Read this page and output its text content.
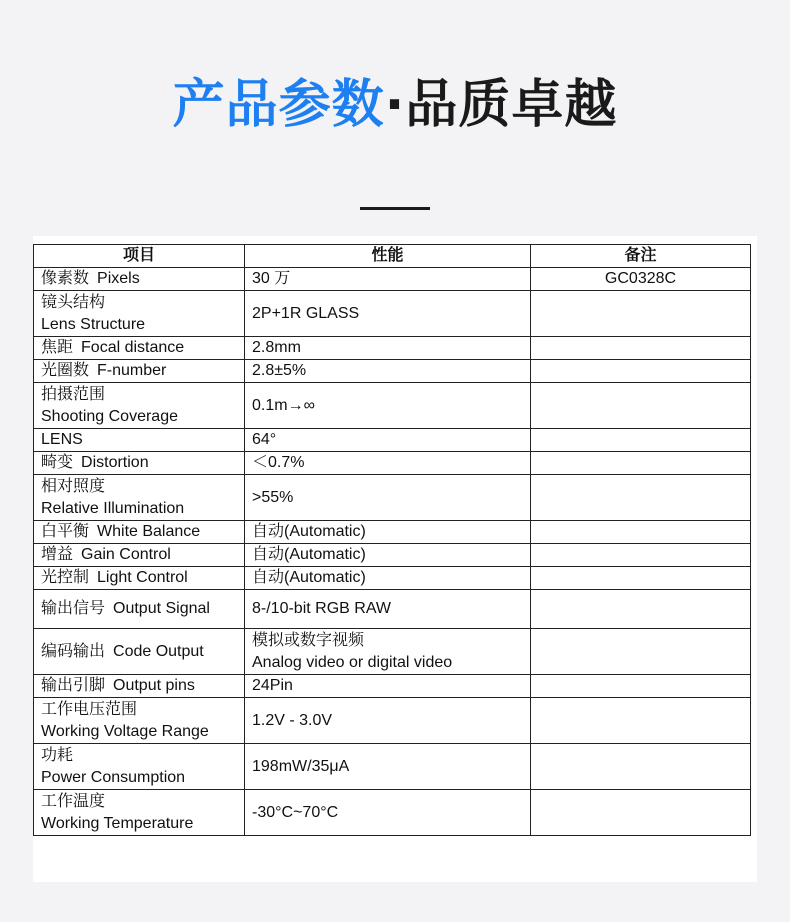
产品参数·品质卓越
项目	性能	备注
像素数 Pixels	30 万	GC0328C

镜头结构
Lens Structure	2P+1R GLASS	
焦距 Focal distance	2.8mm	
光圈数 F-number	2.8±5%	

拍摄范围
Shooting Coverage	0.1m→∞	
LENS	64°	
畸变 Distortion	＜0.7%	

相对照度
Relative Illumination	>55%	
白平衡 White Balance	自动(Automatic)	
增益 Gain Control	自动(Automatic)	
光控制 Light Control	自动(Automatic)	
输出信号 Output Signal	8-/10-bit RGB RAW	
编码输出 Code Output	模拟或数字视频
Analog video or digital video	

输出引脚 Output pins	24Pin	

工作电压范围
Working Voltage Range	1.2V - 3.0V	

功耗
Power Consumption	198mW/35μA	

工作温度
Working Temperature	-30°C~70°C	
